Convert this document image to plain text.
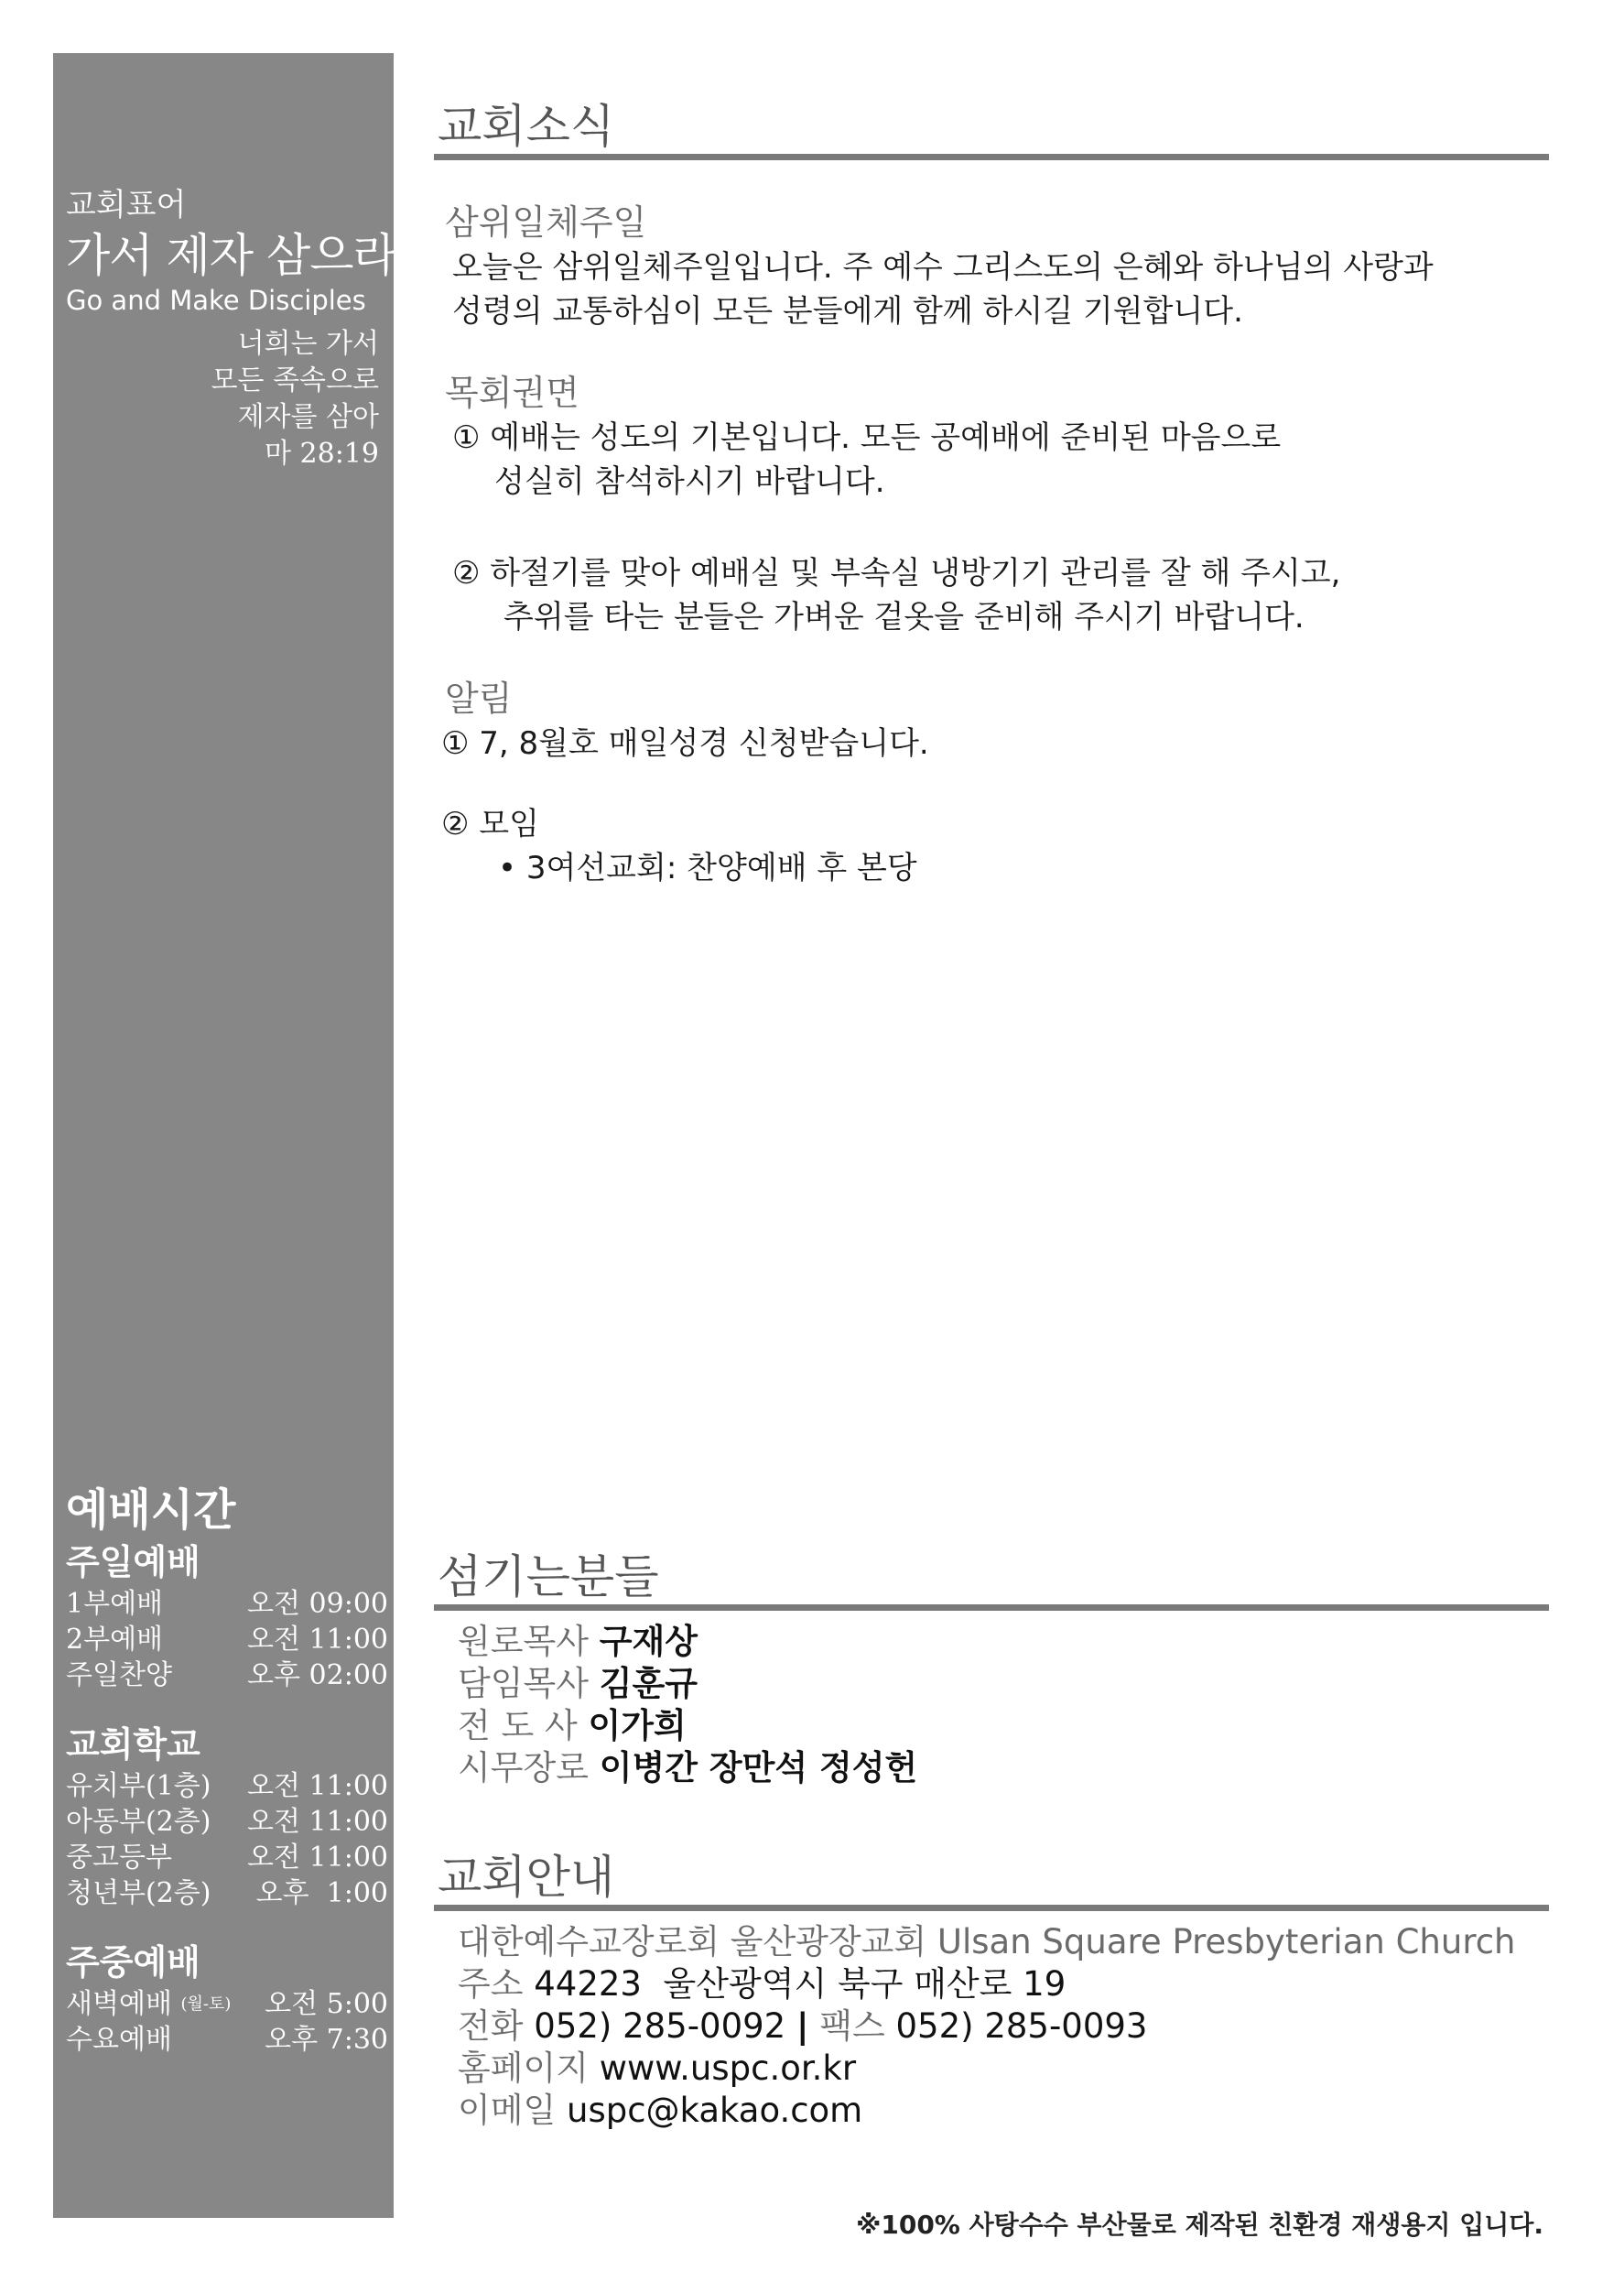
교회표어
가서 제자 삼으라
Go and Make Disciples
너희는 가서
모든 족속으로
제자를 삼아
마 28:19
예배시간
주일예배
1부예배	오전 09:00
2부예배	오전 11:00
주일찬양	오후 02:00
교회학교
유치부(1층) 오전 11:00
아동부(2층) 오전 11:00
중고등부	오전 11:00
청년부(2층) 오후  1:00
주중예배
새벽예배 (월-토) 오전 5:00
수요예배	오후 7:30
교회소식
삼위일체주일

오늘은 삼위일체주일입니다. 주 예수 그리스도의 은혜와 하나님의 사랑과

성령의 교통하심이 모든 분들에게 함께 하시길 기원합니다.

목회권면

① 예배는 성도의 기본입니다. 모든 공예배에 준비된 마음으로

성실히 참석하시기 바랍니다.

② 하절기를 맞아 예배실 및 부속실 냉방기기 관리를 잘 해 주시고,

추위를 타는 분들은 가벼운 겉옷을 준비해 주시기 바랍니다.

알림

① 7, 8월호 매일성경 신청받습니다.

② 모임

• 3여선교회: 찬양예배 후 본당

섬기는분들
원로목사 구재상
담임목사 김훈규
전 도 사 이가희
시무장로 이병간 장만석 정성헌
교회안내
대한예수교장로회 울산광장교회 Ulsan Square Presbyterian Church
주소 44223  울산광역시 북구 매산로 19
전화 052) 285-0092 | 팩스 052) 285-0093
홈페이지 www.uspc.or.kr
이메일 uspc@kakao.com
※100% 사탕수수 부산물로 제작된 친환경 재생용지 입니다.
